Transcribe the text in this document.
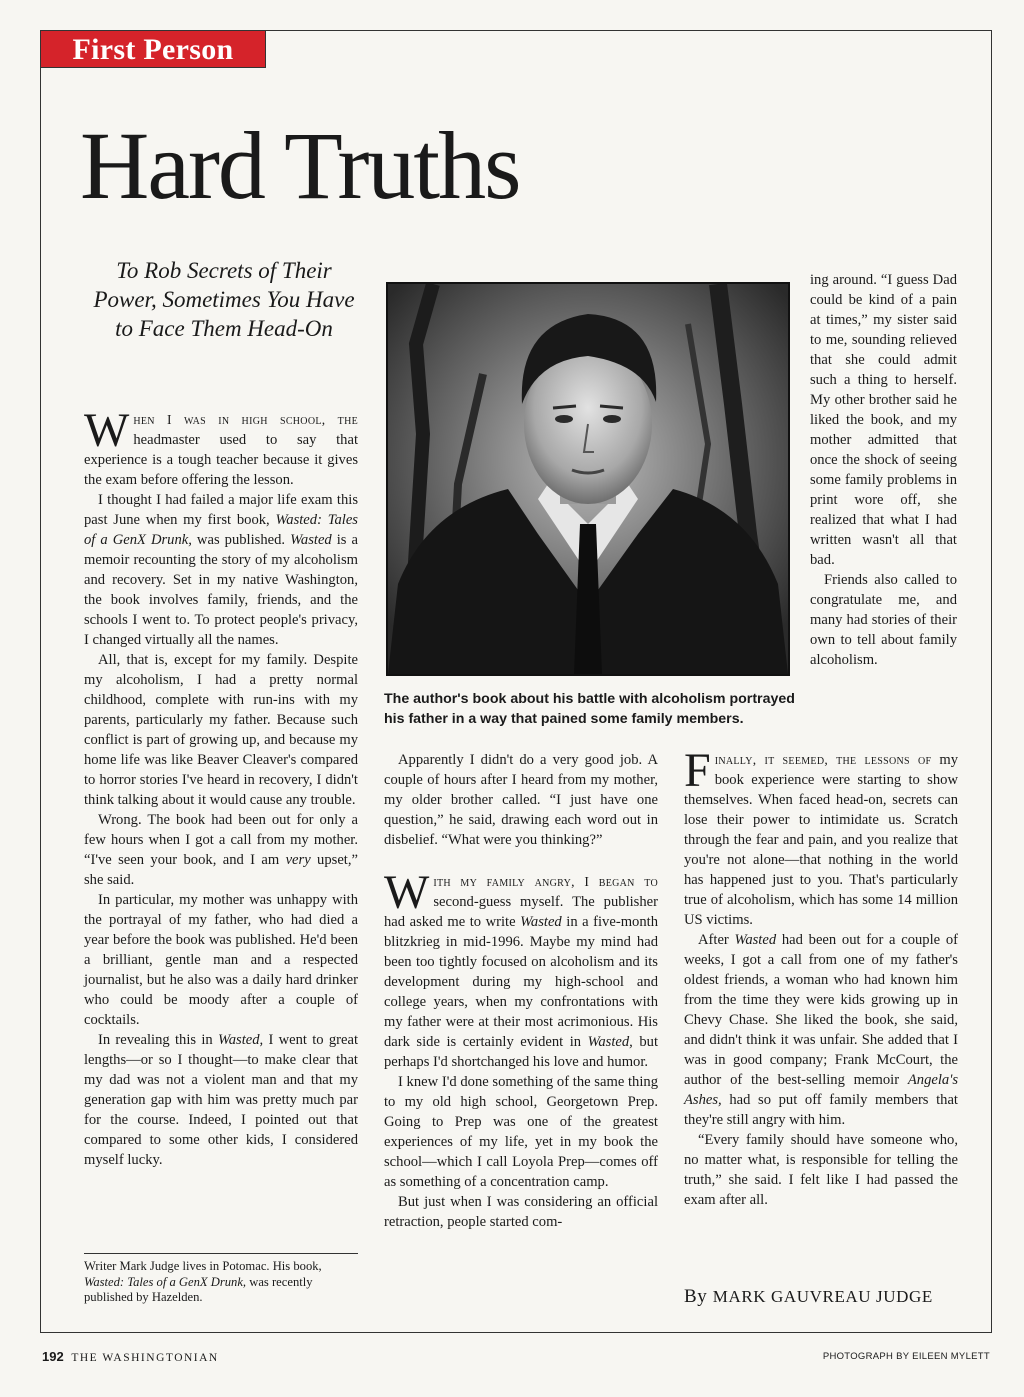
First Person
Hard Truths
To Rob Secrets of Their Power, Sometimes You Have to Face Them Head-On

When I was in high school, the headmaster used to say that experience is a tough teacher because it gives the exam before offering the lesson.

I thought I had failed a major life exam this past June when my first book, Wasted: Tales of a GenX Drunk, was published. Wasted is a memoir recounting the story of my alcoholism and recovery. Set in my native Washington, the book involves family, friends, and the schools I went to. To protect people's privacy, I changed virtually all the names.

All, that is, except for my family. Despite my alcoholism, I had a pretty normal childhood, complete with run-ins with my parents, particularly my father. Because such conflict is part of growing up, and because my home life was like Beaver Cleaver's compared to horror stories I've heard in recovery, I didn't think talking about it would cause any trouble.

Wrong. The book had been out for only a few hours when I got a call from my mother. “I've seen your book, and I am very upset,” she said.

In particular, my mother was unhappy with the portrayal of my father, who had died a year before the book was published. He'd been a brilliant, gentle man and a respected journalist, but he also was a daily hard drinker who could be moody after a couple of cocktails.

In revealing this in Wasted, I went to great lengths—or so I thought—to make clear that my dad was not a violent man and that my generation gap with him was pretty much par for the course. Indeed, I pointed out that compared to some other kids, I considered myself lucky.

Writer Mark Judge lives in Potomac. His book, Wasted: Tales of a GenX Drunk, was recently published by Hazelden.
The author's book about his battle with alcoholism portrayed his father in a way that pained some family members.

Apparently I didn't do a very good job. A couple of hours after I heard from my mother, my older brother called. “I just have one question,” he said, drawing each word out in disbelief. “What were you thinking?”

With my family angry, I began to second-guess myself. The publisher had asked me to write Wasted in a five-month blitzkrieg in mid-1996. Maybe my mind had been too tightly focused on alcoholism and its development during my high-school and college years, when my confrontations with my father were at their most acrimonious. His dark side is certainly evident in Wasted, but perhaps I'd shortchanged his love and humor.

I knew I'd done something of the same thing to my old high school, Georgetown Prep. Going to Prep was one of the greatest experiences of my life, yet in my book the school—which I call Loyola Prep—comes off as something of a concentration camp.

But just when I was considering an official retraction, people started com-

ing around. “I guess Dad could be kind of a pain at times,” my sister said to me, sounding relieved that she could admit such a thing to herself. My other brother said he liked the book, and my mother admitted that once the shock of seeing some family problems in print wore off, she realized that what I had written wasn't all that bad.

Friends also called to congratulate me, and many had stories of their own to tell about family alcoholism.

Finally, it seemed, the lessons of my book experience were starting to show themselves. When faced head-on, secrets can lose their power to intimidate us. Scratch through the fear and pain, and you realize that you're not alone—that nothing in the world has happened just to you. That's particularly true of alcoholism, which has some 14 million US victims.

After Wasted had been out for a couple of weeks, I got a call from one of my father's oldest friends, a woman who had known him from the time they were kids growing up in Chevy Chase. She liked the book, she said, and didn't think it was unfair. She added that I was in good company; Frank McCourt, the author of the best-selling memoir Angela's Ashes, had so put off family members that they're still angry with him.

“Every family should have someone who, no matter what, is responsible for telling the truth,” she said. I felt like I had passed the exam after all.

By MARK GAUVREAU JUDGE
192 THE WASHINGTONIAN	PHOTOGRAPH BY EILEEN MYLETT
